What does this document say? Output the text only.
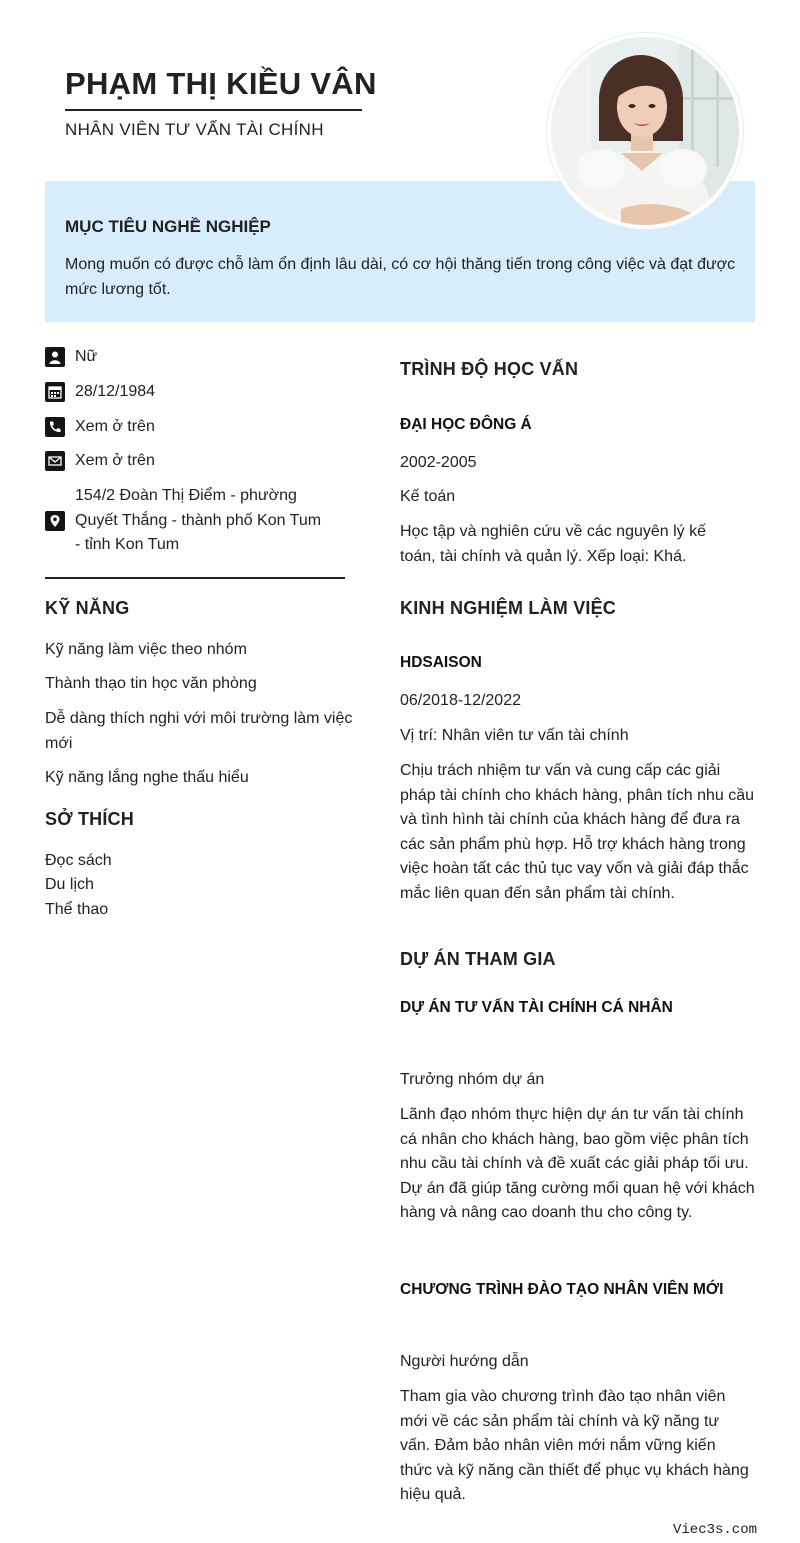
PHẠM THỊ KIỀU VÂN
NHÂN VIÊN TƯ VẤN TÀI CHÍNH
MỤC TIÊU NGHỀ NGHIỆP

Mong muốn có được chỗ làm ổn định lâu dài, có cơ hội thăng tiến trong công việc và đạt được mức lương tốt.

Nữ
28/12/1984
Xem ở trên
Xem ở trên
154/2 Đoàn Thị Điểm - phường Quyết Thắng - thành phố Kon Tum - tỉnh Kon Tum
KỸ NĂNG
Kỹ năng làm việc theo nhóm
Thành thạo tin học văn phòng
Dễ dàng thích nghi với môi trường làm việc mới
Kỹ năng lắng nghe thấu hiểu
SỞ THÍCH
Đọc sách
Du lịch
Thể thao
TRÌNH ĐỘ HỌC VẤN
ĐẠI HỌC ĐÔNG Á
2002-2005
Kế toán
Học tập và nghiên cứu về các nguyên lý kế toán, tài chính và quản lý. Xếp loại: Khá.
KINH NGHIỆM LÀM VIỆC
HDSAISON
06/2018-12/2022
Vị trí: Nhân viên tư vấn tài chính
Chịu trách nhiệm tư vấn và cung cấp các giải pháp tài chính cho khách hàng, phân tích nhu cầu và tình hình tài chính của khách hàng để đưa ra các sản phẩm phù hợp. Hỗ trợ khách hàng trong việc hoàn tất các thủ tục vay vốn và giải đáp thắc mắc liên quan đến sản phẩm tài chính.
DỰ ÁN THAM GIA
DỰ ÁN TƯ VẤN TÀI CHÍNH CÁ NHÂN
Trưởng nhóm dự án
Lãnh đạo nhóm thực hiện dự án tư vấn tài chính cá nhân cho khách hàng, bao gồm việc phân tích nhu cầu tài chính và đề xuất các giải pháp tối ưu. Dự án đã giúp tăng cường mối quan hệ với khách hàng và nâng cao doanh thu cho công ty.
CHƯƠNG TRÌNH ĐÀO TẠO NHÂN VIÊN MỚI
Người hướng dẫn
Tham gia vào chương trình đào tạo nhân viên mới về các sản phẩm tài chính và kỹ năng tư vấn. Đảm bảo nhân viên mới nắm vững kiến thức và kỹ năng cần thiết để phục vụ khách hàng hiệu quả.
Viec3s.com
